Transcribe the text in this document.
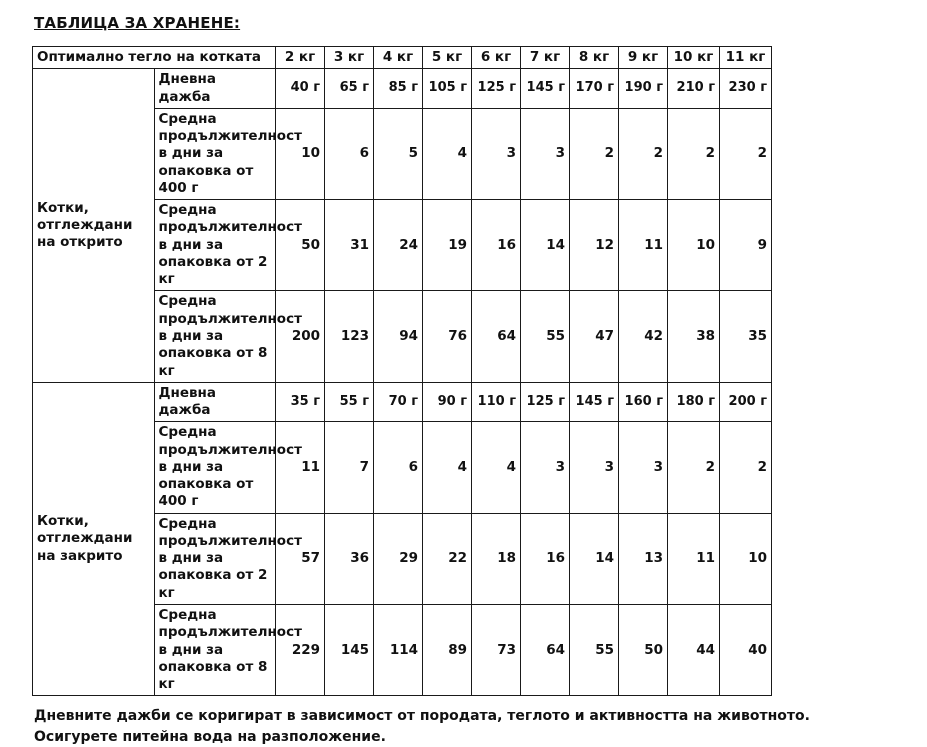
ТАБЛИЦА ЗА ХРАНЕНЕ:
Оптимално тегло на котката		2 кг	3 кг	4 кг	5 кг	6 кг	7 кг	8 кг	9 кг	10 кг	11 кг
Котки, отглеждани на открито	Дневна дажба	40 г	65 г	85 г	105 г	125 г	145 г	170 г	190 г	210 г	230 г
	Средна продължителност в дни за опаковка от 400 г	10	6	5	4	3	3	2	2	2	2
	Средна продължителност в дни за опаковка от 2 кг	50	31	24	19	16	14	12	11	10	9
	Средна продължителност в дни за опаковка от 8 кг	200	123	94	76	64	55	47	42	38	35
Котки, отглеждани на закрито	Дневна дажба	35 г	55 г	70 г	90 г	110 г	125 г	145 г	160 г	180 г	200 г
	Средна продължителност в дни за опаковка от 400 г	11	7	6	4	4	3	3	3	2	2
	Средна продължителност в дни за опаковка от 2 кг	57	36	29	22	18	16	14	13	11	10
	Средна продължителност в дни за опаковка от 8 кг	229	145	114	89	73	64	55	50	44	40
Дневните дажби се коригират в зависимост от породата, теглото и активността на животното.
Осигурете питейна вода на разположение.
